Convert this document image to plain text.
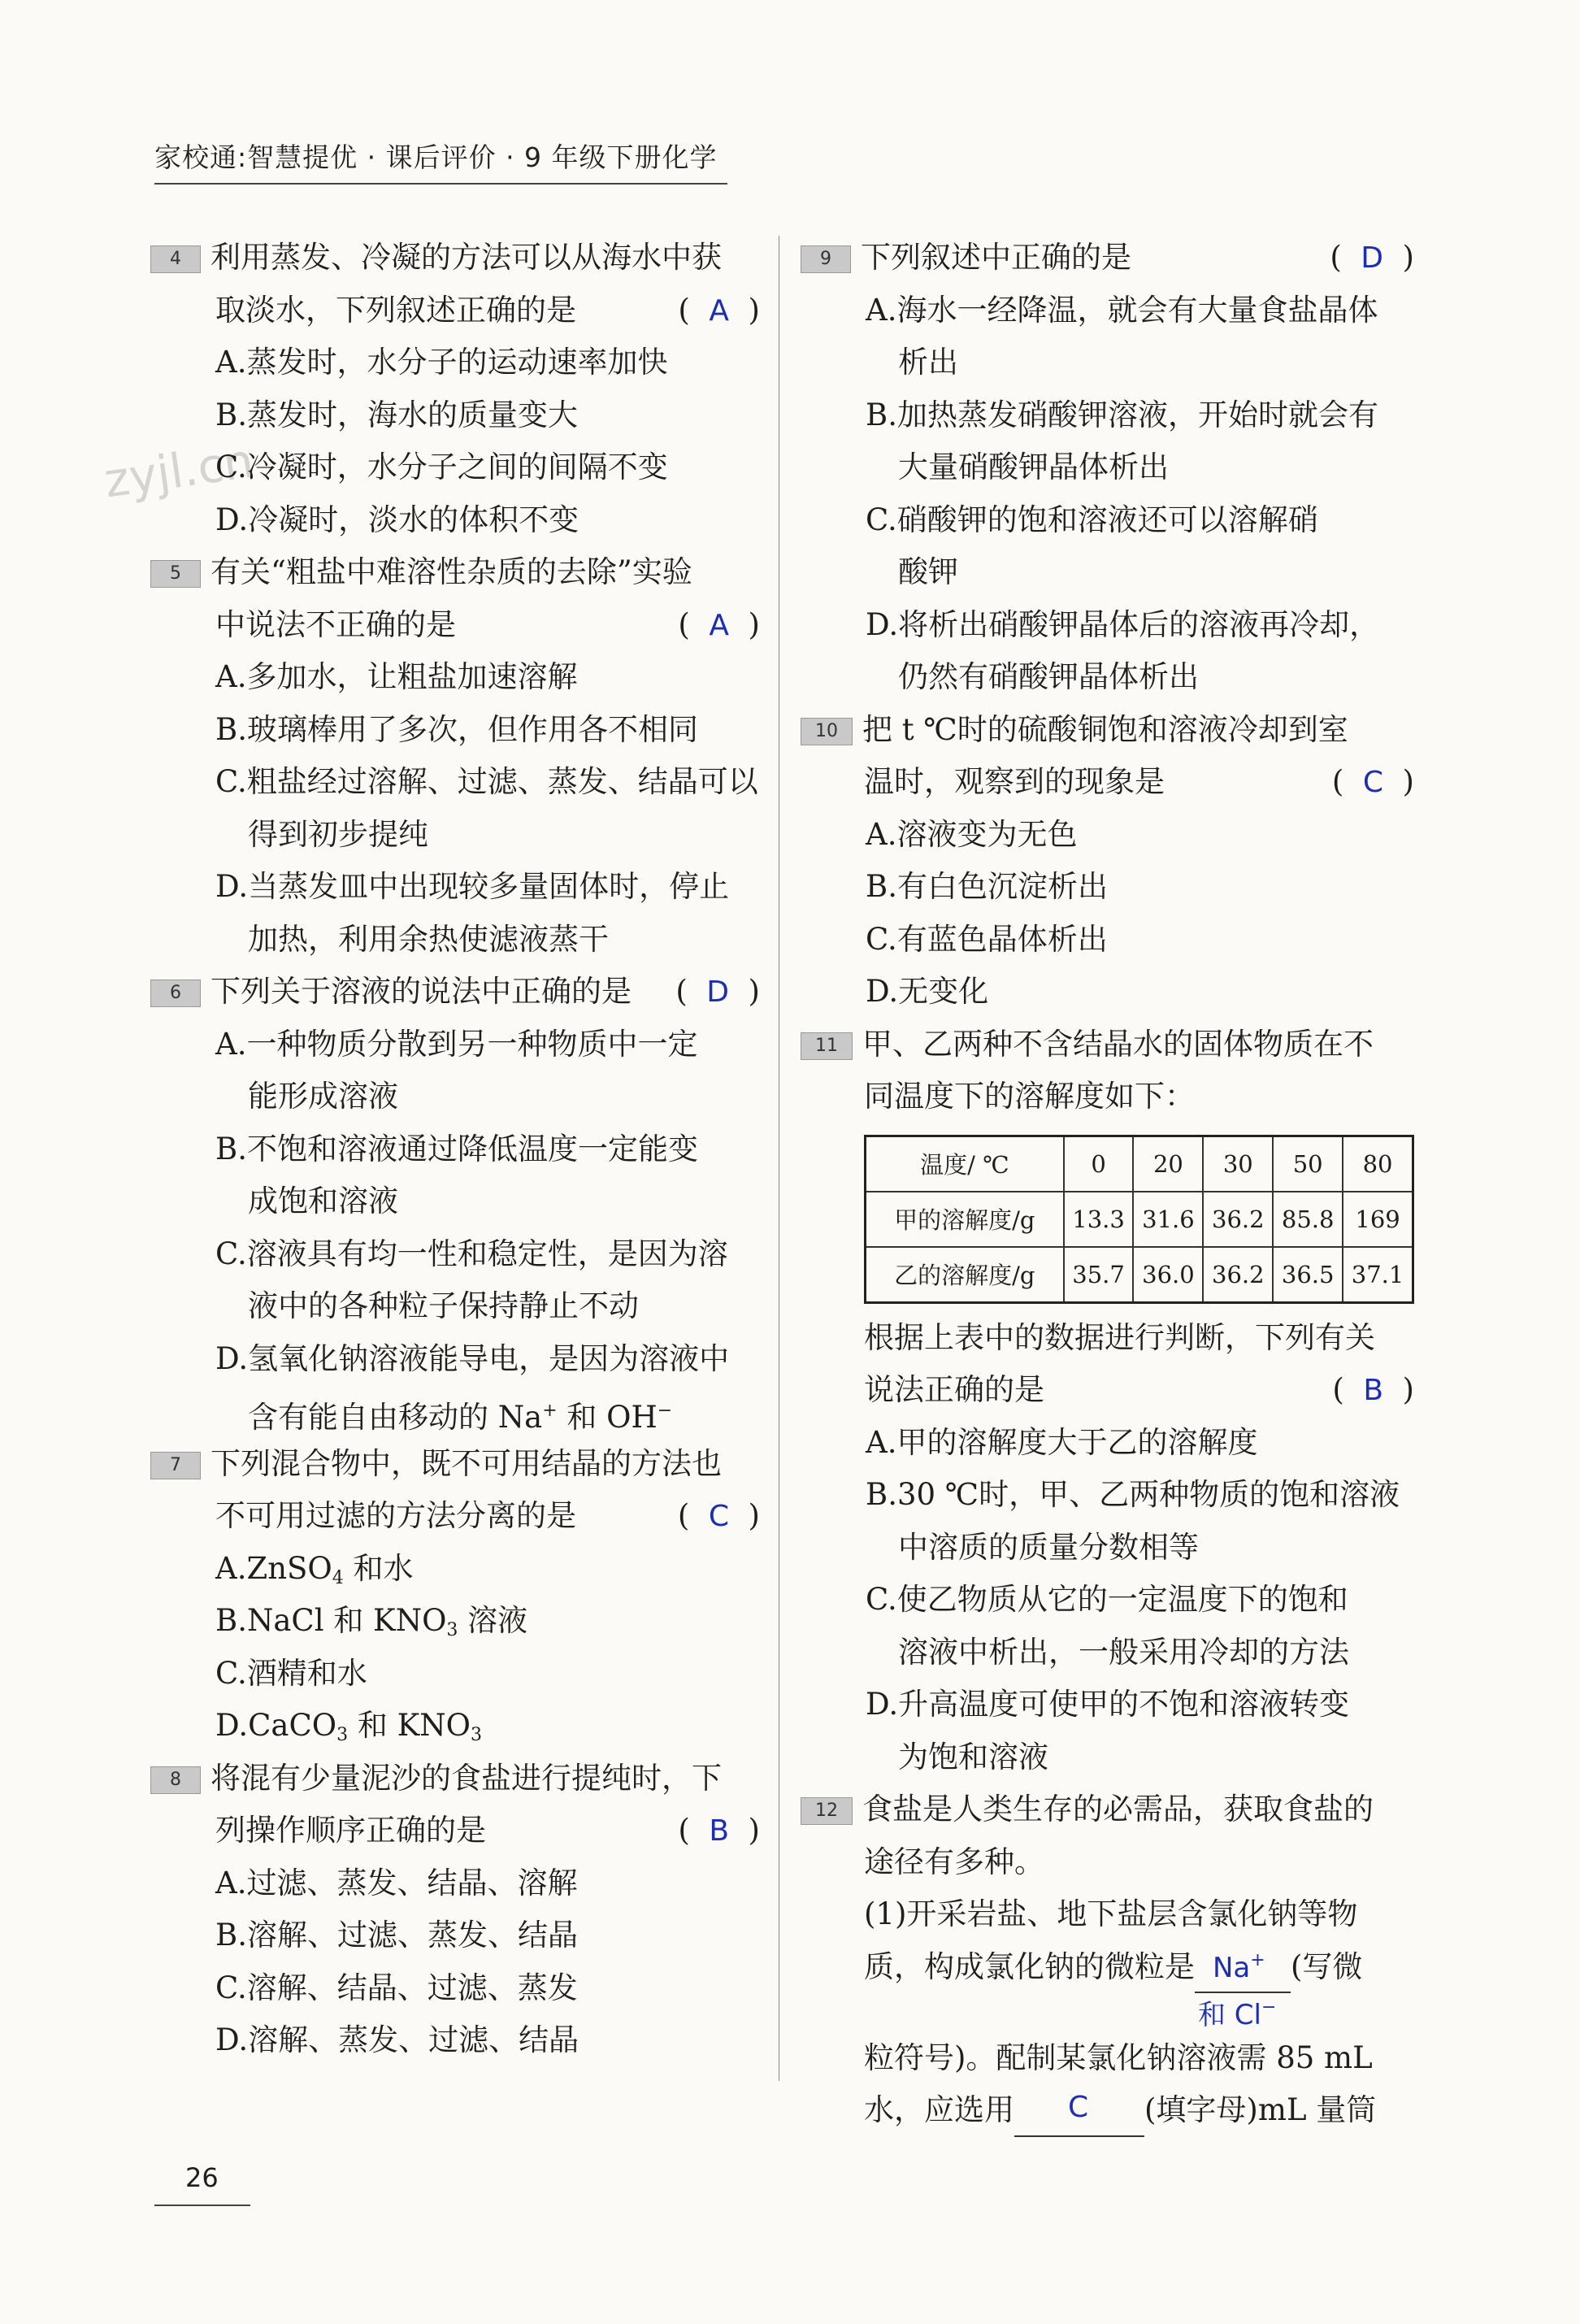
家校通:智慧提优 · 课后评价 · 9 年级下册化学
zyjl.cn
4 利用蒸发、冷凝的方法可以从海水中获
取淡水，下列叙述正确的是	(  A  )
A.蒸发时，水分子的运动速率加快
B.蒸发时，海水的质量变大
C.冷凝时，水分子之间的间隔不变
D.冷凝时，淡水的体积不变
5 有关“粗盐中难溶性杂质的去除”实验
中说法不正确的是	(  A  )
A.多加水，让粗盐加速溶解
B.玻璃棒用了多次，但作用各不相同
C.粗盐经过溶解、过滤、蒸发、结晶可以
得到初步提纯
D.当蒸发皿中出现较多量固体时，停止
加热，利用余热使滤液蒸干
6 下列关于溶液的说法中正确的是 (  D  )
A.一种物质分散到另一种物质中一定
能形成溶液
B.不饱和溶液通过降低温度一定能变
成饱和溶液
C.溶液具有均一性和稳定性，是因为溶
液中的各种粒子保持静止不动
D.氢氧化钠溶液能导电，是因为溶液中
含有能自由移动的 Na+ 和 OH−
7 下列混合物中，既不可用结晶的方法也
不可用过滤的方法分离的是	(  C  )
A.ZnSO$_4$ 和水
B.NaCl 和 $KNO_3$ 溶液
C.酒精和水
D.CaCO$_3$ 和 $KNO_3$
8 将混有少量泥沙的食盐进行提纯时，下
列操作顺序正确的是	(  B  )
A.过滤、蒸发、结晶、溶解
B.溶解、过滤、蒸发、结晶
C.溶解、结晶、过滤、蒸发
D.溶解、蒸发、过滤、结晶
9 下列叙述中正确的是	(  D  )
A.海水一经降温，就会有大量食盐晶体
析出
B.加热蒸发硝酸钾溶液，开始时就会有
大量硝酸钾晶体析出
C.硝酸钾的饱和溶液还可以溶解硝
酸钾
D.将析出硝酸钾晶体后的溶液再冷却，
仍然有硝酸钾晶体析出
10 把 t ℃时的硫酸铜饱和溶液冷却到室
温时，观察到的现象是	(  C  )
A.溶液变为无色
B.有白色沉淀析出
C.有蓝色晶体析出
D.无变化
11 甲、乙两种不含结晶水的固体物质在不
同温度下的溶解度如下：
温度/ ℃	0	20	30	50	80
甲的溶解度/g	13.3	31.6	36.2	85.8	169
乙的溶解度/g	35.7	36.0	36.2	36.5	37.1
根据上表中的数据进行判断，下列有关
说法正确的是	(  B  )
A.甲的溶解度大于乙的溶解度
B.30 ℃时，甲、乙两种物质的饱和溶液
中溶质的质量分数相等
C.使乙物质从它的一定温度下的饱和
溶液中析出，一般采用冷却的方法
D.升高温度可使甲的不饱和溶液转变
为饱和溶液
12 食盐是人类生存的必需品，获取食盐的
途径有多种。
(1)开采岩盐、地下盐层含氯化钠等物
质，构成氯化钠的微粒是 Na+
和 Cl−
(写微
粒符号)。配制某氯化钠溶液需 85 mL
水，应选用 C (填字母)mL 量筒
26
